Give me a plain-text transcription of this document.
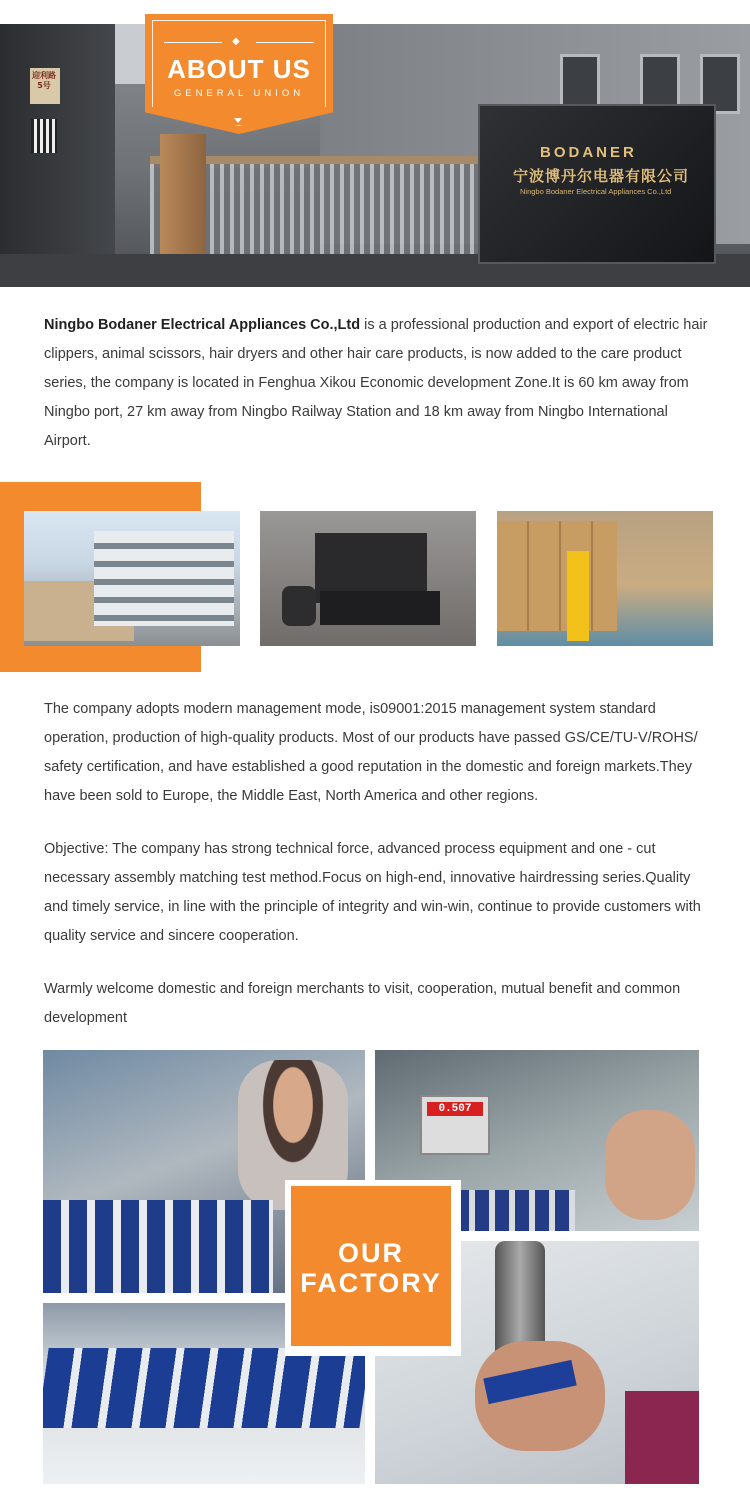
BODANER
宁波博丹尔电器有限公司
Ningbo Bodaner Electrical Appliances Co.,Ltd
迎利路 5号
◆
ABOUT US
GENERAL UNION

Ningbo Bodaner Electrical Appliances Co.,Ltd is a professional production and export of electric hair clippers, animal scissors, hair dryers and other hair care products, is now added to the care product series, the company is located in Fenghua Xikou Economic development Zone.It is 60 km away from Ningbo port, 27 km away from Ningbo Railway Station and 18 km away from Ningbo International Airport.

The company adopts modern management mode, is09001:2015 management system standard operation, production of high-quality products. Most of our products have passed GS/CE/TU-V/ROHS/ safety certification, and have established a good reputation in the domestic and foreign markets.They have been sold to Europe, the Middle East, North America and other regions.

Objective: The company has strong technical force, advanced process equipment and one - cut necessary assembly matching test method.Focus on high-end, innovative hairdressing series.Quality and timely service, in line with the principle of integrity and win-win, continue to provide customers with quality service and sincere cooperation.

Warmly welcome domestic and foreign merchants to visit, cooperation, mutual benefit and common development

0.507
OUR
FACTORY
